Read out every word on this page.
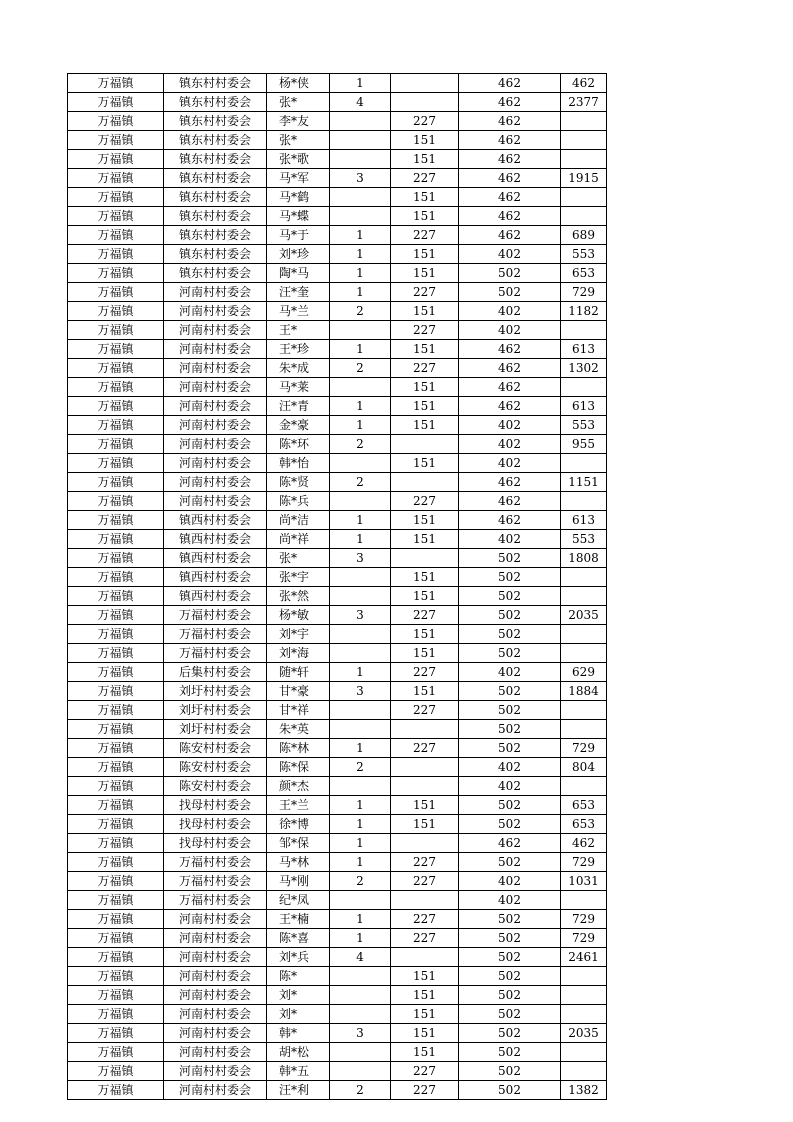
万福镇	镇东村村委会	杨*侠	1		462	462
万福镇	镇东村村委会	张*	4		462	2377
万福镇	镇东村村委会	李*友		227	462	
万福镇	镇东村村委会	张*		151	462	
万福镇	镇东村村委会	张*歌		151	462	
万福镇	镇东村村委会	马*军	3	227	462	1915
万福镇	镇东村村委会	马*鹤		151	462	
万福镇	镇东村村委会	马*蝶		151	462	
万福镇	镇东村村委会	马*于	1	227	462	689
万福镇	镇东村村委会	刘*珍	1	151	402	553
万福镇	镇东村村委会	陶*马	1	151	502	653
万福镇	河南村村委会	汪*奎	1	227	502	729
万福镇	河南村村委会	马*兰	2	151	402	1182
万福镇	河南村村委会	王*		227	402	
万福镇	河南村村委会	王*珍	1	151	462	613
万福镇	河南村村委会	朱*成	2	227	462	1302
万福镇	河南村村委会	马*莱		151	462	
万福镇	河南村村委会	汪*青	1	151	462	613
万福镇	河南村村委会	金*豪	1	151	402	553
万福镇	河南村村委会	陈*环	2		402	955
万福镇	河南村村委会	韩*怡		151	402	
万福镇	河南村村委会	陈*贤	2		462	1151
万福镇	河南村村委会	陈*兵		227	462	
万福镇	镇西村村委会	尚*洁	1	151	462	613
万福镇	镇西村村委会	尚*祥	1	151	402	553
万福镇	镇西村村委会	张*	3		502	1808
万福镇	镇西村村委会	张*宇		151	502	
万福镇	镇西村村委会	张*然		151	502	
万福镇	万福村村委会	杨*敏	3	227	502	2035
万福镇	万福村村委会	刘*宇		151	502	
万福镇	万福村村委会	刘*海		151	502	
万福镇	后集村村委会	随*轩	1	227	402	629
万福镇	刘圩村村委会	甘*豪	3	151	502	1884
万福镇	刘圩村村委会	甘*祥		227	502	
万福镇	刘圩村村委会	朱*英			502	
万福镇	陈安村村委会	陈*林	1	227	502	729
万福镇	陈安村村委会	陈*保	2		402	804
万福镇	陈安村村委会	颜*杰			402	
万福镇	找母村村委会	王*兰	1	151	502	653
万福镇	找母村村委会	徐*博	1	151	502	653
万福镇	找母村村委会	邹*保	1		462	462
万福镇	万福村村委会	马*林	1	227	502	729
万福镇	万福村村委会	马*刚	2	227	402	1031
万福镇	万福村村委会	纪*凤			402	
万福镇	河南村村委会	王*楠	1	227	502	729
万福镇	河南村村委会	陈*喜	1	227	502	729
万福镇	河南村村委会	刘*兵	4		502	2461
万福镇	河南村村委会	陈*		151	502	
万福镇	河南村村委会	刘*		151	502	
万福镇	河南村村委会	刘*		151	502	
万福镇	河南村村委会	韩*	3	151	502	2035
万福镇	河南村村委会	胡*松		151	502	
万福镇	河南村村委会	韩*五		227	502	
万福镇	河南村村委会	汪*利	2	227	502	1382
